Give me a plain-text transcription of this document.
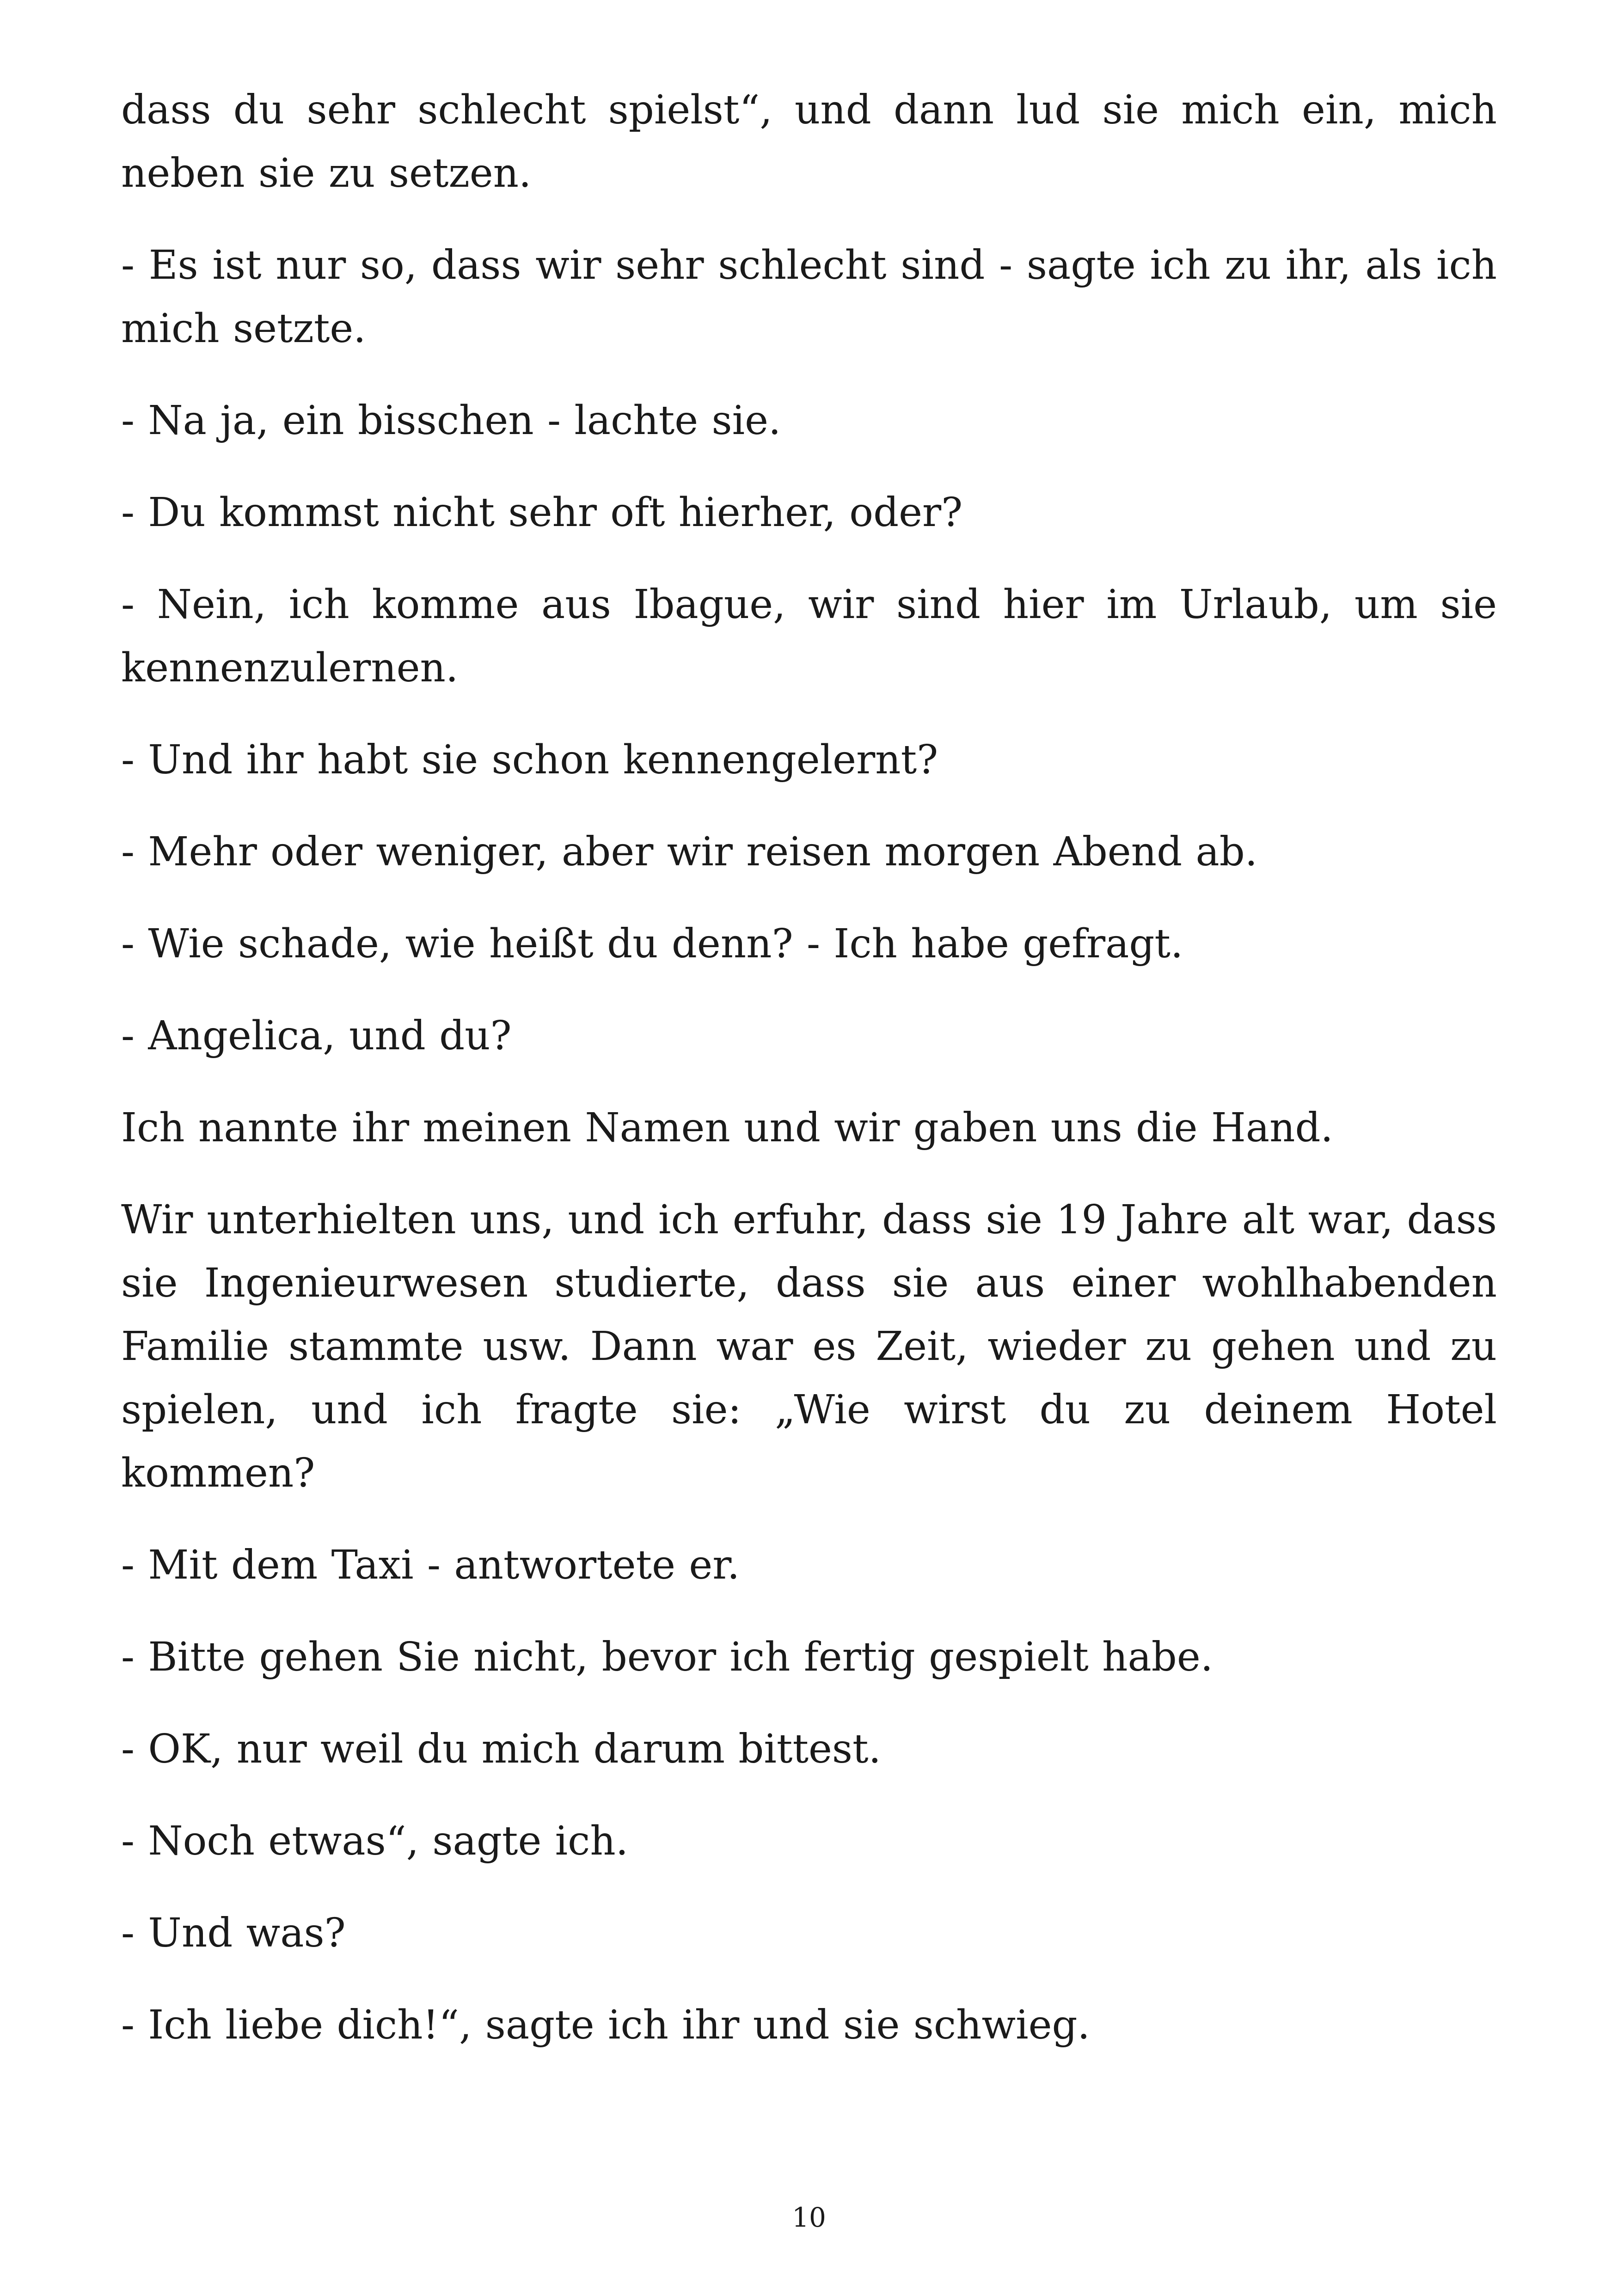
dass du sehr schlecht spielst“, und dann lud sie mich ein, mich neben sie zu setzen.

- Es ist nur so, dass wir sehr schlecht sind - sagte ich zu ihr, als ich mich setzte.

- Na ja, ein bisschen - lachte sie.

- Du kommst nicht sehr oft hierher, oder?

- Nein, ich komme aus Ibague, wir sind hier im Urlaub, um sie kennenzulernen.

- Und ihr habt sie schon kennengelernt?

- Mehr oder weniger, aber wir reisen morgen Abend ab.

- Wie schade, wie heißt du denn? - Ich habe gefragt.

- Angelica, und du?

Ich nannte ihr meinen Namen und wir gaben uns die Hand.

Wir unterhielten uns, und ich erfuhr, dass sie 19 Jahre alt war, dass sie Ingenieurwesen studierte, dass sie aus einer wohlhabenden Familie stammte usw. Dann war es Zeit, wieder zu gehen und zu spielen, und ich fragte sie: „Wie wirst du zu deinem Hotel kommen?

- Mit dem Taxi - antwortete er.

- Bitte gehen Sie nicht, bevor ich fertig gespielt habe.

- OK, nur weil du mich darum bittest.

- Noch etwas“, sagte ich.

- Und was?

- Ich liebe dich!“, sagte ich ihr und sie schwieg.

10
